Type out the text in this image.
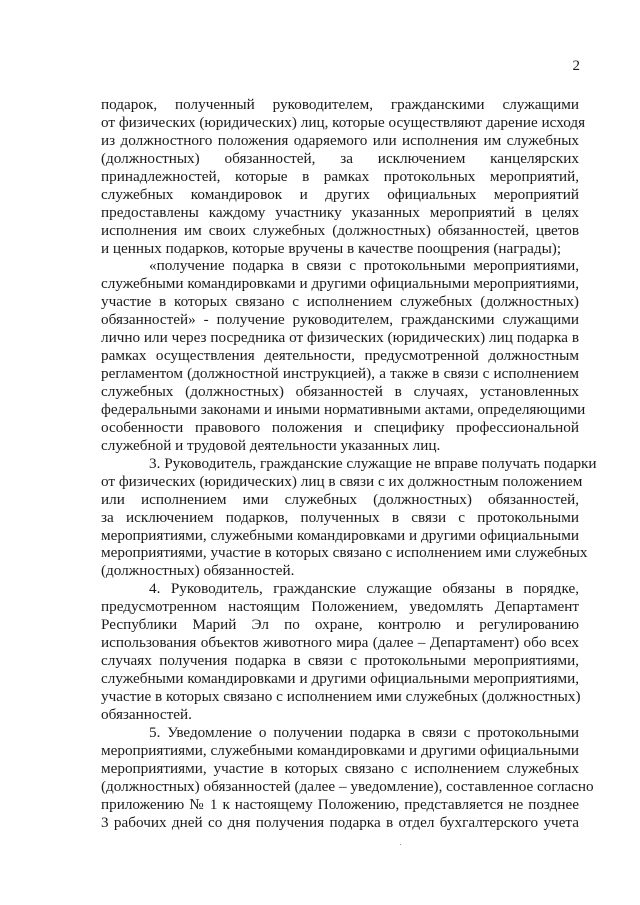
2
подарок, полученный руководителем, гражданскими служащими
от физических (юридических) лиц, которые осуществляют дарение исходя
из должностного положения одаряемого или исполнения им служебных
(должностных) обязанностей, за исключением канцелярских
принадлежностей, которые в рамках протокольных мероприятий,
служебных командировок и других официальных мероприятий
предоставлены каждому участнику указанных мероприятий в целях
исполнения им своих служебных (должностных) обязанностей, цветов
и ценных подарков, которые вручены в качестве поощрения (награды);
«получение подарка в связи с протокольными мероприятиями,
служебными командировками и другими официальными мероприятиями,
участие в которых связано с исполнением служебных (должностных)
обязанностей» - получение руководителем, гражданскими служащими
лично или через посредника от физических (юридических) лиц подарка в
рамках осуществления деятельности, предусмотренной должностным
регламентом (должностной инструкцией), а также в связи с исполнением
служебных (должностных) обязанностей в случаях, установленных
федеральными законами и иными нормативными актами, определяющими
особенности правового положения и специфику профессиональной
служебной и трудовой деятельности указанных лиц.
3. Руководитель, гражданские служащие не вправе получать подарки
от физических (юридических) лиц в связи с их должностным положением
или исполнением ими служебных (должностных) обязанностей,
за исключением подарков, полученных в связи с протокольными
мероприятиями, служебными командировками и другими официальными
мероприятиями, участие в которых связано с исполнением ими служебных
(должностных) обязанностей.
4. Руководитель, гражданские служащие обязаны в порядке,
предусмотренном настоящим Положением, уведомлять Департамент
Республики Марий Эл по охране, контролю и регулированию
использования объектов животного мира (далее – Департамент) обо всех
случаях получения подарка в связи с протокольными мероприятиями,
служебными командировками и другими официальными мероприятиями,
участие в которых связано с исполнением ими служебных (должностных)
обязанностей.
5. Уведомление о получении подарка в связи с протокольными
мероприятиями, служебными командировками и другими официальными
мероприятиями, участие в которых связано с исполнением служебных
(должностных) обязанностей (далее – уведомление), составленное согласно
приложению № 1 к настоящему Положению, представляется не позднее
3 рабочих дней со дня получения подарка в отдел бухгалтерского учета
